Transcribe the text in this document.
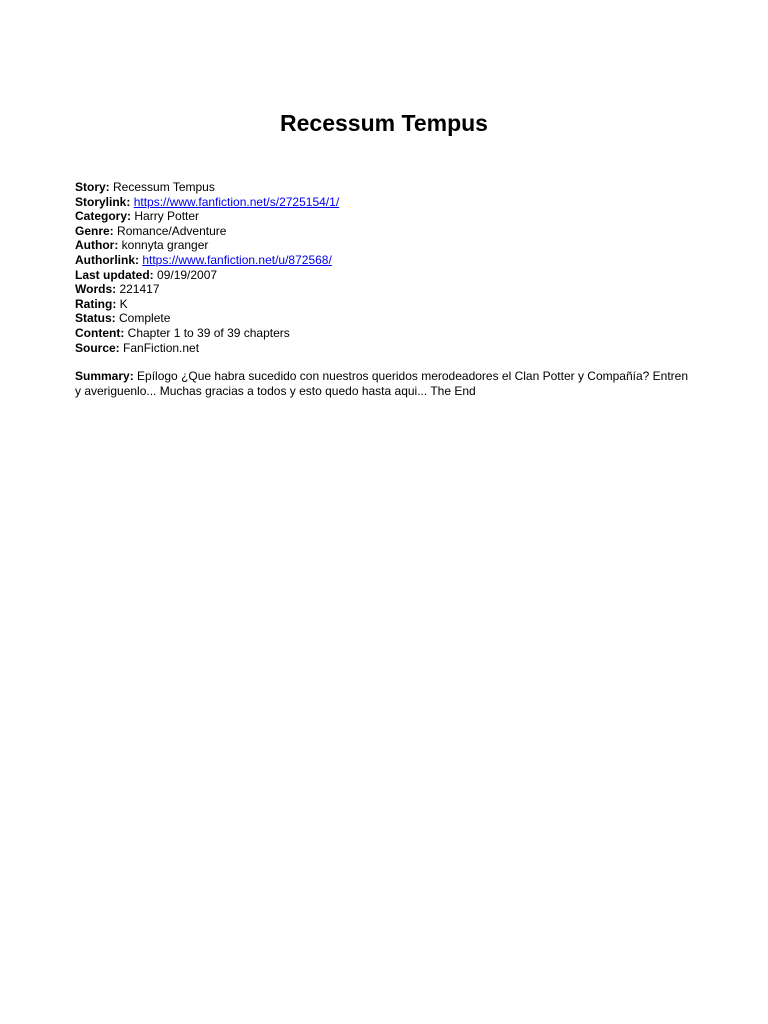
Recessum Tempus
Story: Recessum Tempus
Storylink: https://www.fanfiction.net/s/2725154/1/
Category: Harry Potter
Genre: Romance/Adventure
Author: konnyta granger
Authorlink: https://www.fanfiction.net/u/872568/
Last updated: 09/19/2007
Words: 221417
Rating: K
Status: Complete
Content: Chapter 1 to 39 of 39 chapters
Source: FanFiction.net
Summary: Epílogo ¿Que habra sucedido con nuestros queridos merodeadores el Clan Potter y Compañía? Entren y averiguenlo... Muchas gracias a todos y esto quedo hasta aqui... The End
